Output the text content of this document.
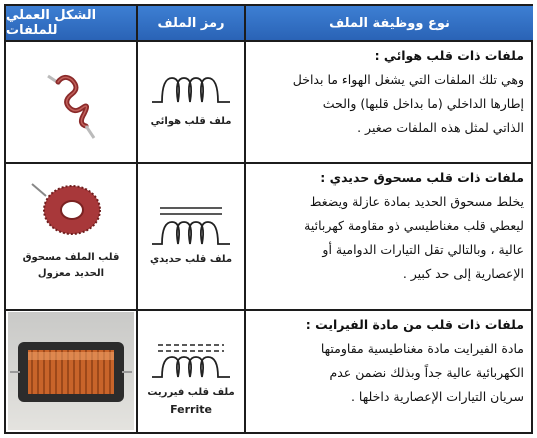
الشكل العملي للملفات	رمز الملف	نوع ووظيفة الملف
ملفات ذات قلب هوائي :
وهي تلك الملفات التي يشغل الهواء ما بداخل
إطارها الداخلي (ما بداخل قلبها) والحث
الذاتي لمثل هذه الملفات صغير .
ملف قلب هوائي
ملفات ذات قلب مسحوق حديدي :
يخلط مسحوق الحديد بمادة عازلة ويضغط
ليعطي قلب مغناطيسي ذو مقاومة كهربائية
عالية ، وبالتالي تقل التيارات الدوامية أو
الإعصارية إلى حد كبير .
ملف قلب حديدي
قلب الملف مسحوق
الحديد معزول
ملفات ذات قلب من مادة الفيرايت :
مادة الفيرايت مادة مغناطيسية مقاومتها
الكهربائية عالية جداً وبذلك نضمن عدم
سريان التيارات الإعصارية داخلها .
ملف قلب فيرريت
Ferrite
